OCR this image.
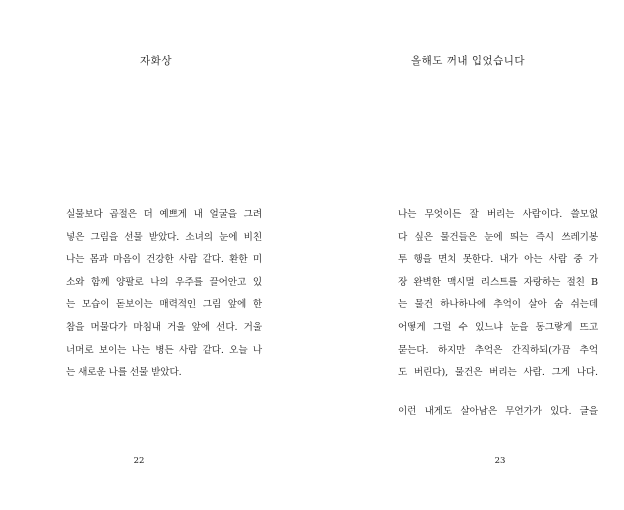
자화상
실물보다 곱절은 더 예쁘게 내 얼굴을 그려
넣은 그림을 선물 받았다. 소녀의 눈에 비친
나는 몸과 마음이 건강한 사람 같다. 환한 미
소와 함께 양팔로 나의 우주를 끌어안고 있
는 모습이 돋보이는 매력적인 그림 앞에 한
참을 머물다가 마침내 거울 앞에 선다. 거울
너머로 보이는 나는 병든 사람 같다. 오늘 나
는 새로운 나를 선물 받았다.
22
올해도 꺼내 입었습니다
나는 무엇이든 잘 버리는 사람이다. 쓸모없
다 싶은 물건들은 눈에 띄는 즉시 쓰레기봉
투 행을 면치 못한다. 내가 아는 사람 중 가
장 완벽한 맥시멀 리스트를 자랑하는 절친 B
는 물건 하나하나에 추억이 살아 숨 쉬는데
어떻게 그럴 수 있느냐 눈을 동그랗게 뜨고
묻는다. 하지만 추억은 간직하되(가끔 추억
도 버린다), 물건은 버리는 사람. 그게 나다.
이런 내게도 살아남은 무언가가 있다. 글을
23
